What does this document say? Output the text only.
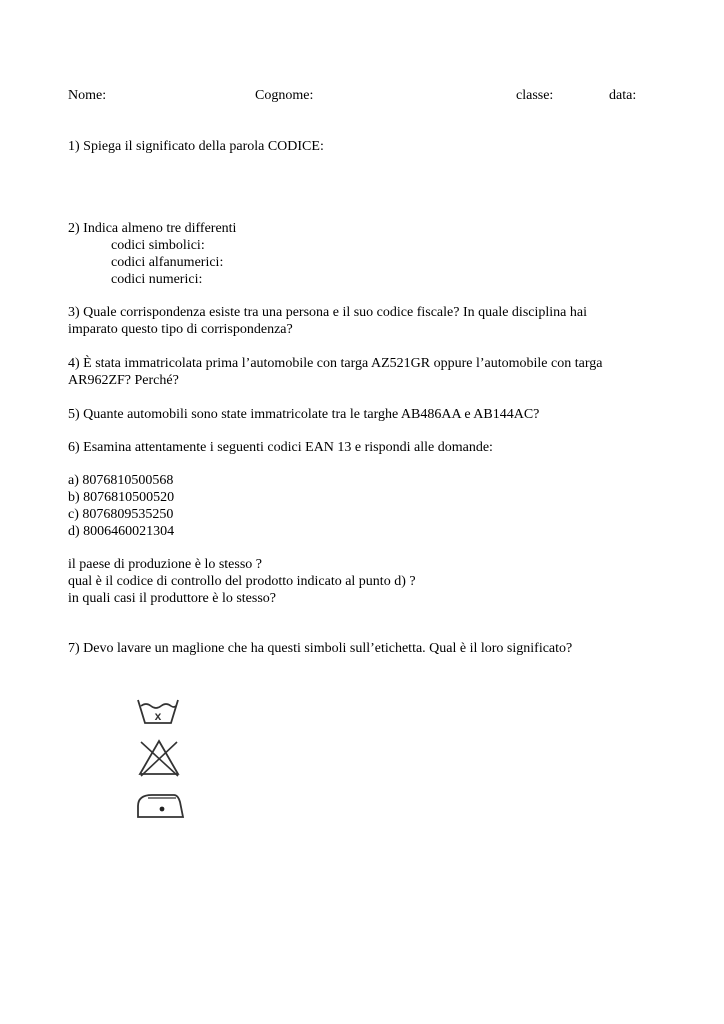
Nome:	Cognome:	classe:	data:
1) Spiega il significato della parola CODICE:
2) Indica almeno tre differenti
codici simbolici:
codici alfanumerici:
codici numerici:
3) Quale corrispondenza esiste tra una persona e il suo codice fiscale? In quale disciplina hai
imparato questo tipo di corrispondenza?
4) È stata immatricolata prima l’automobile con targa AZ521GR oppure l’automobile con targa
AR962ZF? Perché?
5) Quante automobili sono state immatricolate tra le targhe AB486AA e AB144AC?
6) Esamina attentamente i seguenti codici EAN 13 e rispondi alle domande:
a) 8076810500568
b) 8076810500520
c) 8076809535250
d) 8006460021304
il paese di produzione è lo stesso ?
qual è il codice di controllo del prodotto indicato al punto d) ?
in quali casi il produttore è lo stesso?
7) Devo lavare un maglione che ha questi simboli sull’etichetta. Qual è il loro significato?
x
